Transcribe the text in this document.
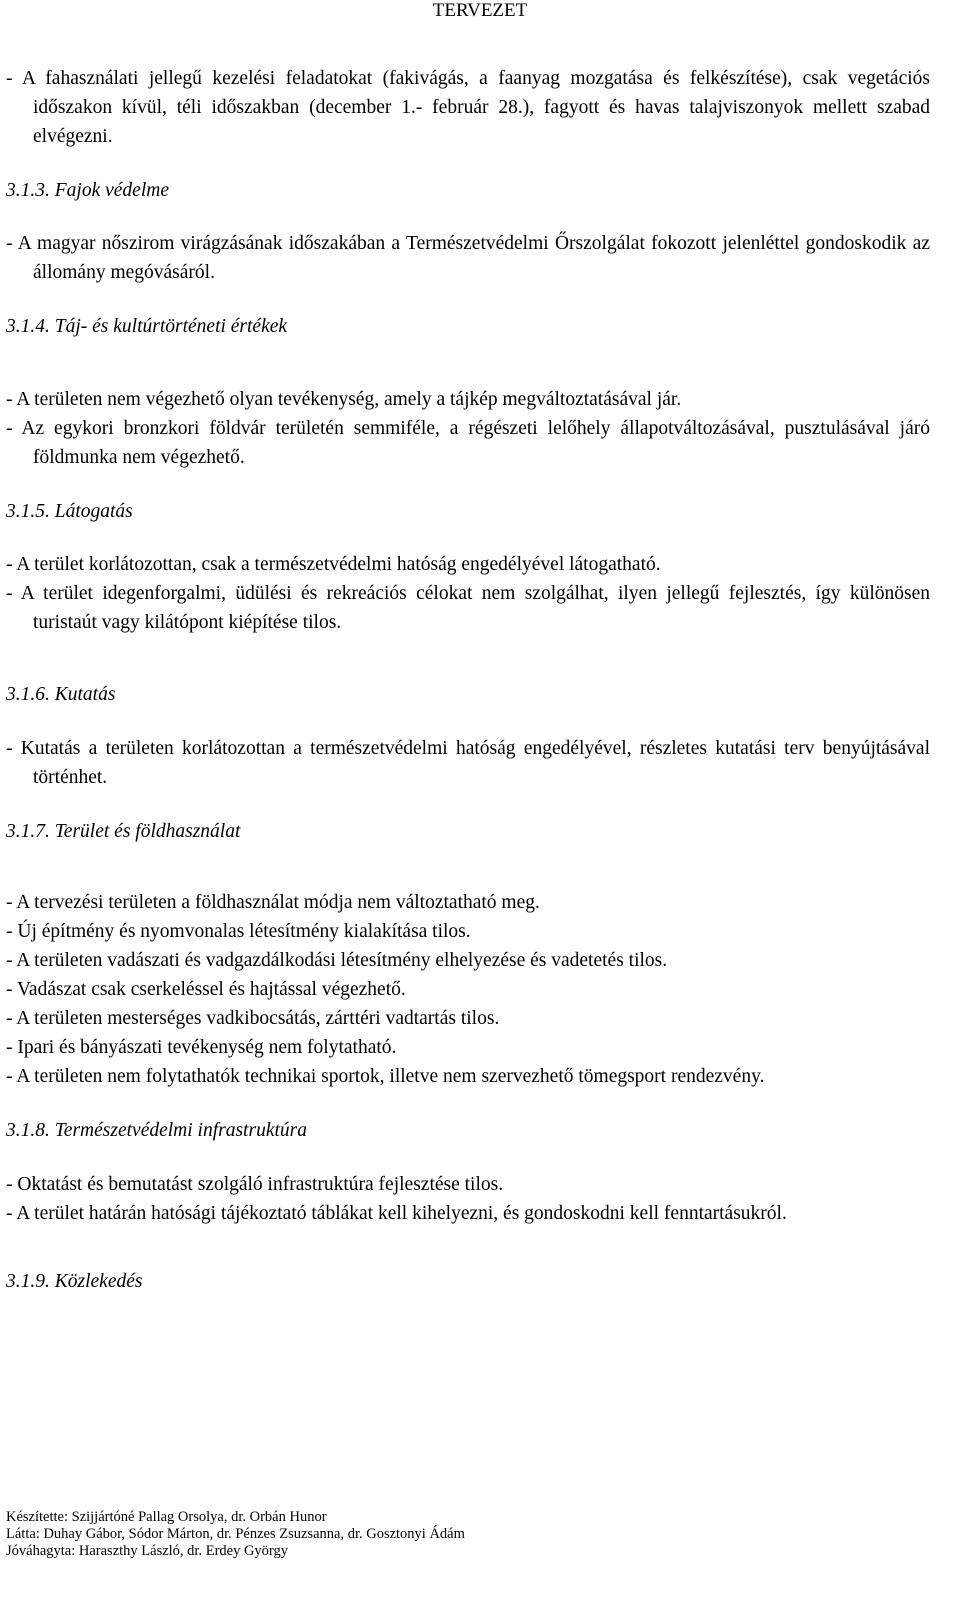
TERVEZET
- A fahasználati jellegű kezelési feladatokat (fakivágás, a faanyag mozgatása és felkészítése), csak vegetációs időszakon kívül, téli időszakban (december 1.- február 28.), fagyott és havas talajviszonyok mellett szabad elvégezni.
3.1.3. Fajok védelme
- A magyar nőszirom virágzásának időszakában a Természetvédelmi Őrszolgálat fokozott jelenléttel gondoskodik az állomány megóvásáról.
3.1.4. Táj- és kultúrtörténeti értékek
- A területen nem végezhető olyan tevékenység, amely a tájkép megváltoztatásával jár.
- Az egykori bronzkori földvár területén semmiféle, a régészeti lelőhely állapotváltozásával, pusztulásával járó földmunka nem végezhető.
3.1.5. Látogatás
- A terület korlátozottan, csak a természetvédelmi hatóság engedélyével látogatható.
- A terület idegenforgalmi, üdülési és rekreációs célokat nem szolgálhat, ilyen jellegű fejlesztés, így különösen turistaút vagy kilátópont kiépítése tilos.
3.1.6. Kutatás
- Kutatás a területen korlátozottan a természetvédelmi hatóság engedélyével, részletes kutatási terv benyújtásával történhet.
3.1.7. Terület és földhasználat
- A tervezési területen a földhasználat módja nem változtatható meg.
- Új építmény és nyomvonalas létesítmény kialakítása tilos.
- A területen vadászati és vadgazdálkodási létesítmény elhelyezése és vadetetés tilos.
- Vadászat csak cserkeléssel és hajtással végezhető.
- A területen mesterséges vadkibocsátás, zárttéri vadtartás tilos.
- Ipari és bányászati tevékenység nem folytatható.
- A területen nem folytathatók technikai sportok, illetve nem szervezhető tömegsport rendezvény.
3.1.8. Természetvédelmi infrastruktúra
- Oktatást és bemutatást szolgáló infrastruktúra fejlesztése tilos.
- A terület határán hatósági tájékoztató táblákat kell kihelyezni, és gondoskodni kell fenntartásukról.
3.1.9. Közlekedés
Készítette: Szijjártóné Pallag Orsolya, dr. Orbán Hunor
Látta: Duhay Gábor, Sódor Márton, dr. Pénzes Zsuzsanna, dr. Gosztonyi Ádám
Jóváhagyta: Haraszthy László, dr. Erdey György
